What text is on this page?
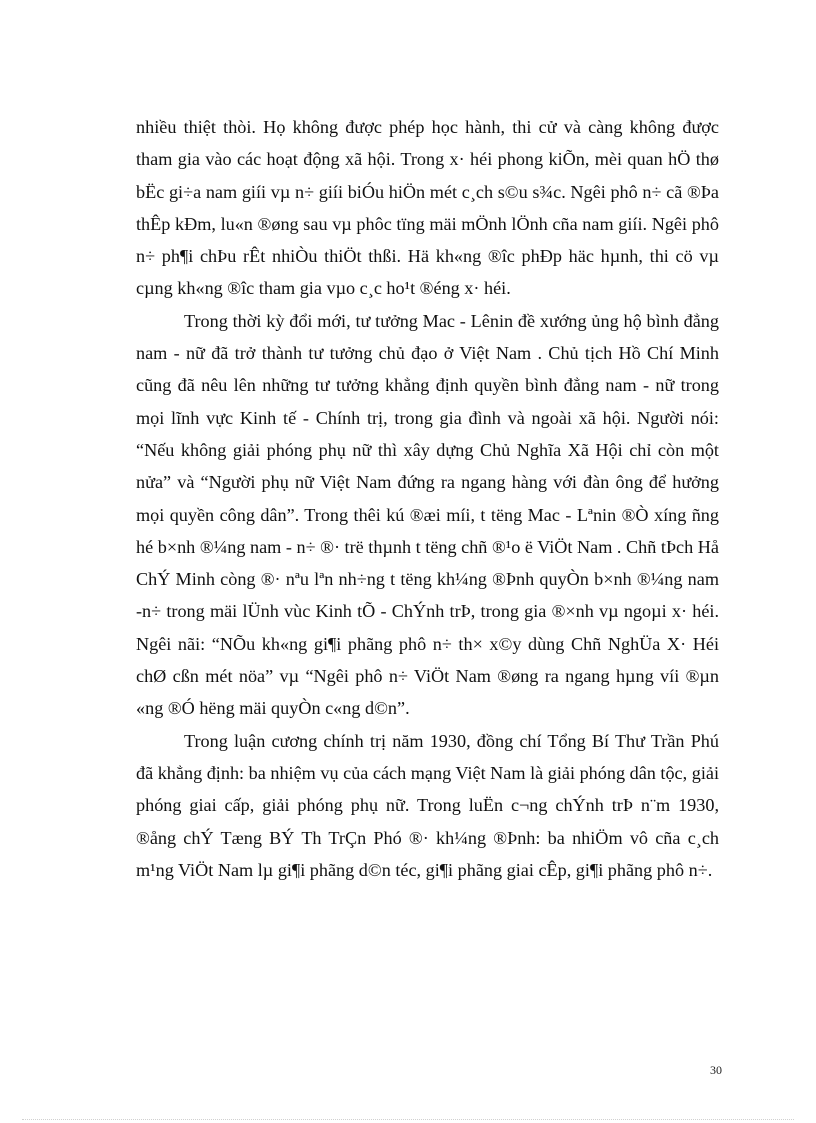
nhiều thiệt thòi. Họ không được phép học hành, thi cử và càng không được tham gia vào các hoạt động xã hội. Trong x· héi phong kiÕn, mèi quan hÖ thø bËc gi÷a nam giíi vµ n÷ giíi biÓu hiÖn mét c¸ch s©u s¾c. Ngêi phô n÷ cã ®Þa thÊp kÐm, lu«n ®øng sau vµ phôc tïng mäi mÖnh lÖnh cña nam giíi. Ngêi phô n÷ ph¶i chÞu rÊt nhiÒu thiÖt thßi. Hä kh«ng ®îc phÐp häc hµnh, thi cö vµ cµng kh«ng ®îc tham gia vµo c¸c ho¹t ®éng x· héi.

Trong thời kỳ đổi mới, tư tưởng Mac - Lênin đề xướng ủng hộ bình đẳng nam - nữ đã trở thành tư tưởng chủ đạo ở Việt Nam . Chủ tịch Hồ Chí Minh cũng đã nêu lên những tư tưởng khẳng định quyền bình đẳng nam - nữ trong mọi lĩnh vực Kinh tế - Chính trị, trong gia đình và ngoài xã hội. Người nói: “Nếu không giải phóng phụ nữ thì xây dựng Chủ Nghĩa Xã Hội chỉ còn một nửa” và “Người phụ nữ Việt Nam đứng ra ngang hàng với đàn ông để hưởng mọi quyền công dân”. Trong thêi kú ®æi míi, t tëng Mac - Lªnin ®Ò xíng ñng hé b×nh ®¼ng nam - n÷ ®· trë thµnh t tëng chñ ®¹o ë ViÖt Nam . Chñ tÞch Hå ChÝ Minh còng ®· nªu lªn nh÷ng t tëng kh¼ng ®Þnh quyÒn b×nh ®¼ng nam -n÷ trong mäi lÜnh vùc Kinh tÕ - ChÝnh trÞ, trong gia ®×nh vµ ngoµi x· héi. Ngêi nãi: “NÕu kh«ng gi¶i phãng phô n÷ th× x©y dùng Chñ NghÜa X· Héi chØ cßn mét nöa” vµ “Ngêi phô n÷ ViÖt Nam ®øng ra ngang hµng víi ®µn «ng ®Ó hëng mäi quyÒn c«ng d©n”.

Trong luận cương chính trị năm 1930, đồng chí Tổng Bí Thư Trần Phú đã khẳng định: ba nhiệm vụ của cách mạng Việt Nam là giải phóng dân tộc, giải phóng giai cấp, giải phóng phụ nữ. Trong luËn c¬ng chÝnh trÞ n¨m 1930, ®ång chÝ Tæng BÝ Th TrÇn Phó ®· kh¼ng ®Þnh: ba nhiÖm vô cña c¸ch m¹ng ViÖt Nam lµ gi¶i phãng d©n téc, gi¶i phãng giai cÊp, gi¶i phãng phô n÷.

30
